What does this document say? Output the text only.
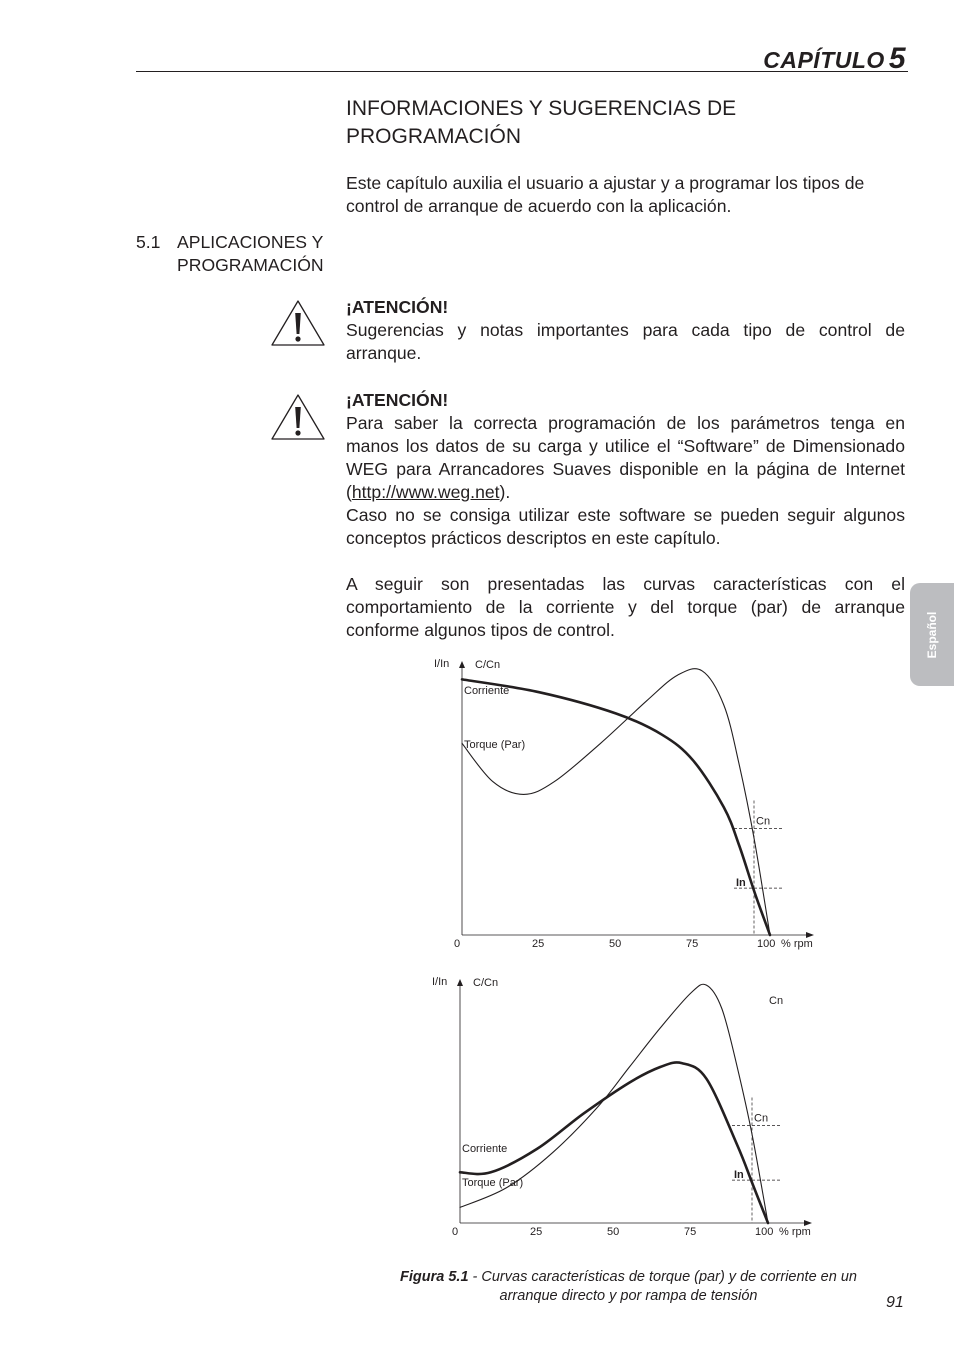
CAPÍTULO 5
INFORMACIONES Y SUGERENCIAS DE
PROGRAMACIÓN
Este capítulo auxilia el usuario a ajustar y a programar los tipos de
control de arranque de acuerdo con la aplicación.
5.1 APLICACIONES Y
PROGRAMACIÓN
¡ATENCIÓN!
Sugerencias y notas importantes para cada tipo de control de arranque.
¡ATENCIÓN!
Para saber la correcta programación de los parámetros tenga en manos los datos de su carga y utilice el “Software” de Dimensionado WEG para Arrancadores Suaves disponible en la página de Internet (http://www.weg.net).
Caso no se consiga utilizar este software se pueden seguir algunos conceptos prácticos descriptos en este capítulo.
A seguir son presentadas las curvas características con el comportamiento de la corriente y del torque (par) de arranque conforme algunos tipos de control.	Español
I/In C/Cn
0	25	50	75	100 % rpm
Cn
In
Corriente
Torque (Par)
I/In C/Cn
0	25	50	75	100 % rpm
Cn
In
Corriente
Torque (Par)
Cn
Figura 5.1 - Curvas características de torque (par) y de corriente en un
arranque directo y por rampa de tensión	91
